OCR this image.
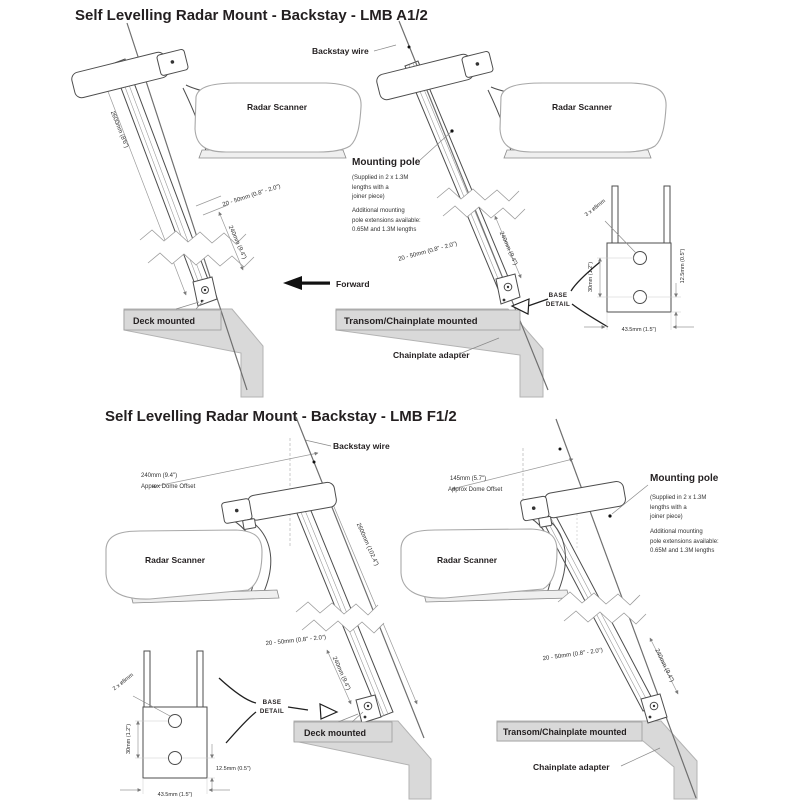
Self Levelling Radar Mount - Backstay - LMB A1/2
Radar Scanner
20 - 50mm (0.8" - 2.0")
240mm (9.4")
2600mm (8'6")
Deck mounted
Forward
Backstay wire
Radar Scanner
Mounting pole
(Supplied in 2 x 1.3M
lengths with a
joiner piece)
Additional mounting
pole extensions available:
0.65M and 1.3M lengths
20 - 50mm (0.8" - 2.0")	240mm (9.4")
Transom/Chainplate mounted
Chainplate adapter
BASE
DETAIL
3 x ø8mm
30mm (1.2")	12.5mm (0.5")
43.5mm (1.5")
Self Levelling Radar Mount - Backstay - LMB F1/2
Backstay wire
240mm (9.4")
Approx Dome Offset
Radar Scanner
20 - 50mm (0.8" - 2.0")
240mm (9.4")
2600mm (102.4")
Deck mounted
BASE
DETAIL
2 x ø8mm
30mm (1.2")
12.5mm (0.5")
43.5mm (1.5")
145mm (5.7")
Approx Dome Offset
Radar Scanner
Mounting pole
(Supplied in 2 x 1.3M
lengths with a
joiner piece)
Additional mounting
pole extensions available:
0.65M and 1.3M lengths
20 - 50mm (0.8" - 2.0")	240mm (9.4")
Transom/Chainplate mounted
Chainplate adapter
